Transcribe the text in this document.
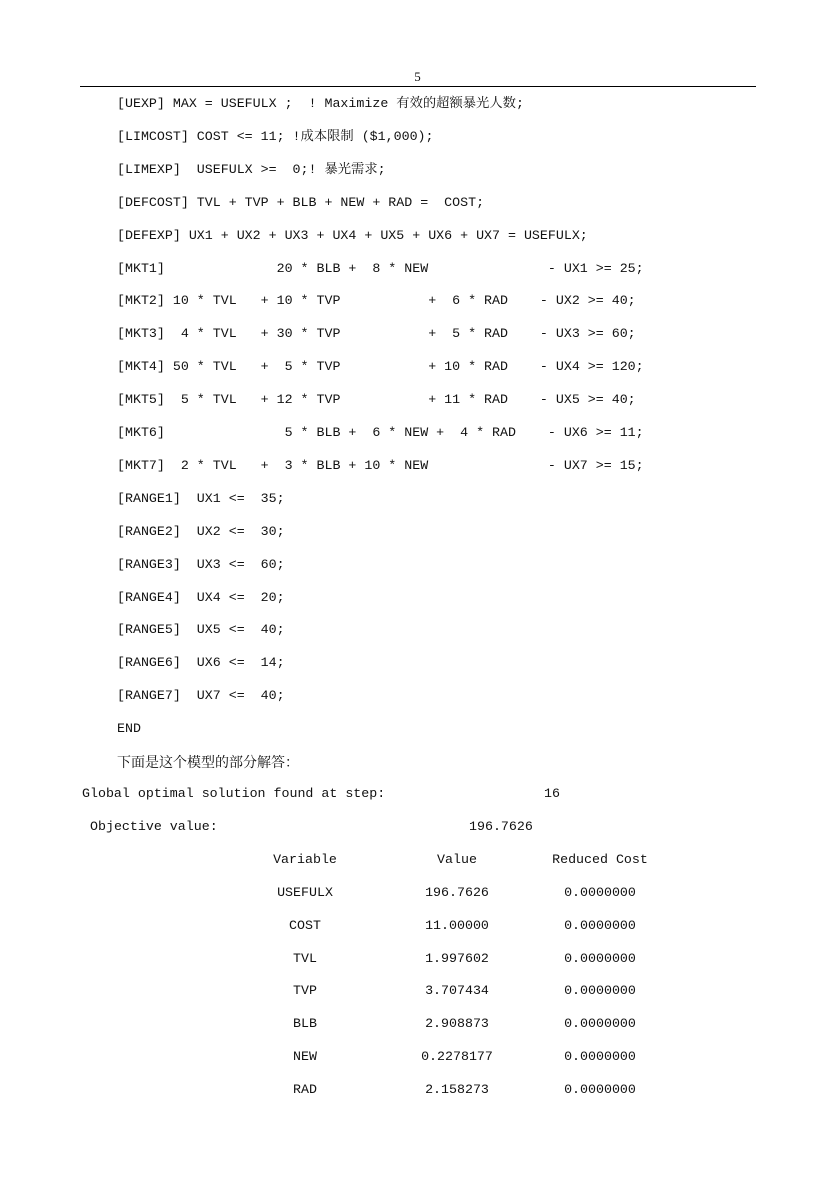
5
[UEXP] MAX = USEFULX ;  ! Maximize 有效的超额暴光人数;
[LIMCOST] COST <= 11; !成本限制 ($1,000);
[LIMEXP]  USEFULX >=  0;! 暴光需求;
[DEFCOST] TVL + TVP + BLB + NEW + RAD =  COST;
[DEFEXP] UX1 + UX2 + UX3 + UX4 + UX5 + UX6 + UX7 = USEFULX;
[MKT1]              20 * BLB +  8 * NEW               - UX1 >= 25;
[MKT2] 10 * TVL   + 10 * TVP           +  6 * RAD    - UX2 >= 40;
[MKT3]  4 * TVL   + 30 * TVP           +  5 * RAD    - UX3 >= 60;
[MKT4] 50 * TVL   +  5 * TVP           + 10 * RAD    - UX4 >= 120;
[MKT5]  5 * TVL   + 12 * TVP           + 11 * RAD    - UX5 >= 40;
[MKT6]               5 * BLB +  6 * NEW +  4 * RAD    - UX6 >= 11;
[MKT7]  2 * TVL   +  3 * BLB + 10 * NEW               - UX7 >= 15;
[RANGE1]  UX1 <=  35;
[RANGE2]  UX2 <=  30;
[RANGE3]  UX3 <=  60;
[RANGE4]  UX4 <=  20;
[RANGE5]  UX5 <=  40;
[RANGE6]  UX6 <=  14;
[RANGE7]  UX7 <=  40;
END
下面是这个模型的部分解答：
Global optimal solution found at step:	16
Objective value:	196.7626
Variable	Value	Reduced Cost
USEFULX	196.7626	0.0000000
COST	11.00000	0.0000000
TVL	1.997602	0.0000000
TVP	3.707434	0.0000000
BLB	2.908873	0.0000000
NEW	0.2278177	0.0000000
RAD	2.158273	0.0000000
